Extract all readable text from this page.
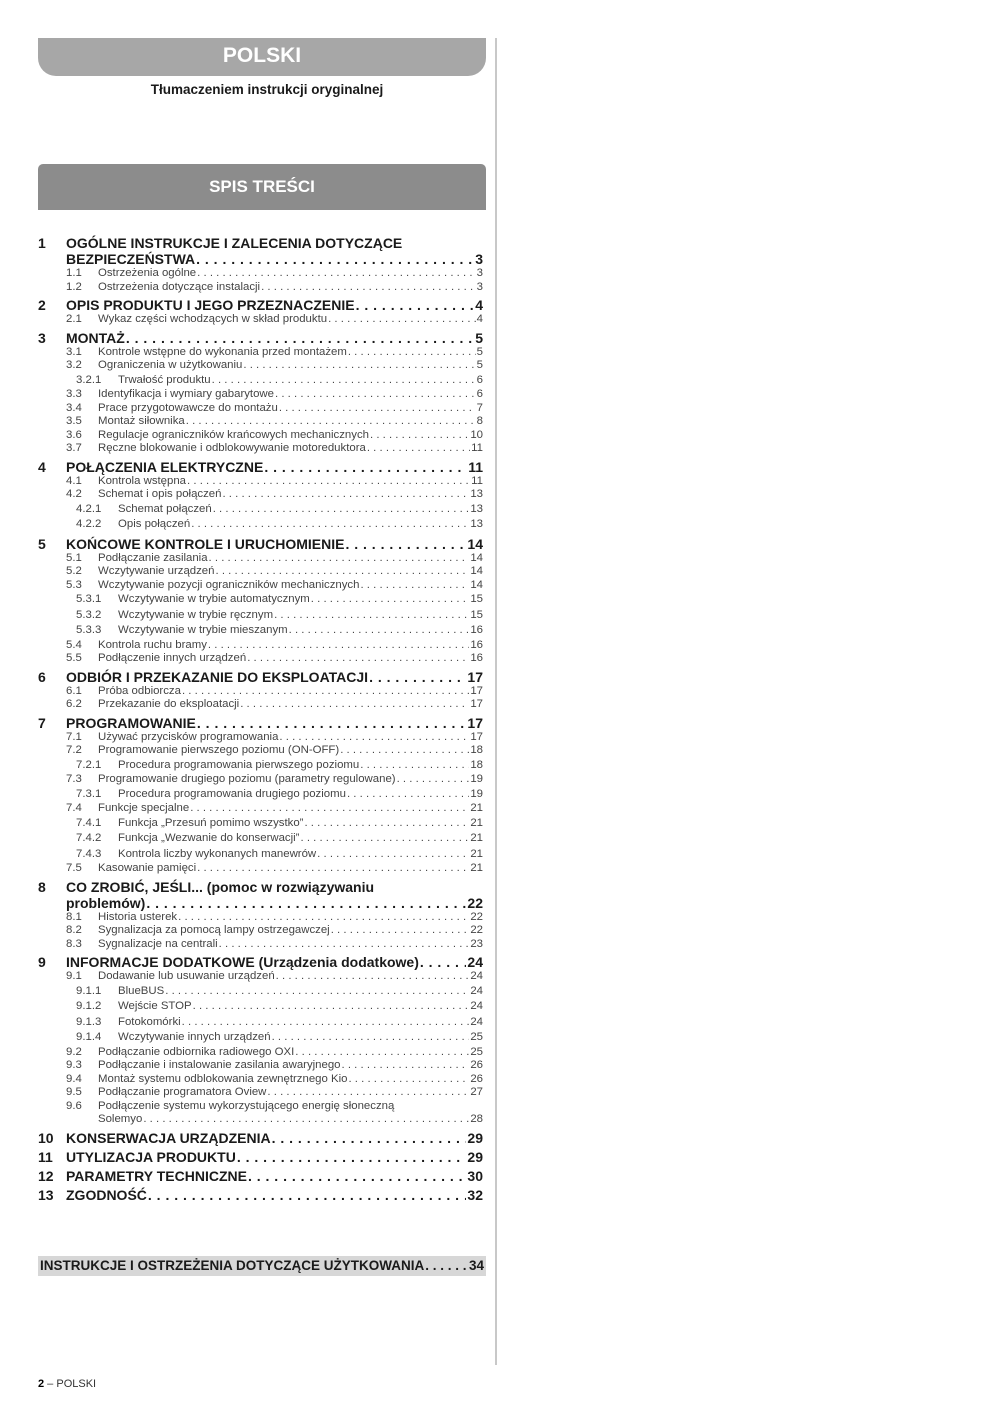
POLSKI
Tłumaczeniem instrukcji oryginalnej
SPIS TREŚCI
1 OGÓLNE INSTRUKCJE I ZALECENIA DOTYCZĄCE
BEZPIECZEŃSTWA . . .	3
1.1 Ostrzeżenia ogólne . . .	3
1.2 Ostrzeżenia dotyczące instalacji . . .	3
2 OPIS PRODUKTU I JEGO PRZEZNACZENIE . . .	4
2.1 Wykaz części wchodzących w skład produktu . . .	4
3 MONTAŻ . . .	5
3.1 Kontrole wstępne do wykonania przed montażem . . .	5
3.2 Ograniczenia w użytkowaniu . . .	5
3.2.1 Trwałość produktu . . .	6
3.3 Identyfikacja i wymiary gabarytowe . . .	6
3.4 Prace przygotowawcze do montażu . . .	7
3.5 Montaż siłownika . . .	8
3.6 Regulacje ograniczników krańcowych mechanicznych . . .	10
3.7 Ręczne blokowanie i odblokowywanie motoreduktora . . .	11
4 POŁĄCZENIA ELEKTRYCZNE . . .	11
4.1 Kontrola wstępna . . .	11
4.2 Schemat i opis połączeń . . .	13
4.2.1 Schemat połączeń . . .	13
4.2.2 Opis połączeń . . .	13
5 KOŃCOWE KONTROLE I URUCHOMIENIE . . .	14
5.1 Podłączanie zasilania . . .	14
5.2 Wczytywanie urządzeń . . .	14
5.3 Wczytywanie pozycji ograniczników mechanicznych . . .	14
5.3.1 Wczytywanie w trybie automatycznym . . .	15
5.3.2 Wczytywanie w trybie ręcznym . . .	15
5.3.3 Wczytywanie w trybie mieszanym . . .	16
5.4 Kontrola ruchu bramy . . .	16
5.5 Podłączenie innych urządzeń . . .	16
6 ODBIÓR I PRZEKAZANIE DO EKSPLOATACJI . . .	17
6.1 Próba odbiorcza . . .	17
6.2 Przekazanie do eksploatacji . . .	17
7 PROGRAMOWANIE . . .	17
7.1 Używać przycisków programowania . . .	17
7.2 Programowanie pierwszego poziomu (ON-OFF) . . .	18
7.2.1 Procedura programowania pierwszego poziomu . . .	18
7.3 Programowanie drugiego poziomu (parametry regulowane) . . .	19
7.3.1 Procedura programowania drugiego poziomu . . .	19
7.4 Funkcje specjalne . . .	21
7.4.1 Funkcja „Przesuń pomimo wszystko” . . .	21
7.4.2 Funkcja „Wezwanie do konserwacji” . . .	21
7.4.3 Kontrola liczby wykonanych manewrów . . .	21
7.5 Kasowanie pamięci . . .	21
8 CO ZROBIĆ, JEŚLI... (pomoc w rozwiązywaniu
problemów) . . .	22
8.1 Historia usterek . . .	22
8.2 Sygnalizacja za pomocą lampy ostrzegawczej . . .	22
8.3 Sygnalizacje na centrali . . .	23
9 INFORMACJE DODATKOWE (Urządzenia dodatkowe) . . .	24
9.1 Dodawanie lub usuwanie urządzeń . . .	24
9.1.1 BlueBUS . . .	24
9.1.2 Wejście STOP . . .	24
9.1.3 Fotokomórki . . .	24
9.1.4 Wczytywanie innych urządzeń . . .	25
9.2 Podłączanie odbiornika radiowego OXI . . .	25
9.3 Podłączanie i instalowanie zasilania awaryjnego . . .	26
9.4 Montaż systemu odblokowania zewnętrznego Kio . . .	26
9.5 Podłączanie programatora Oview . . .	27
9.6 Podłączenie systemu wykorzystującego energię słoneczną
Solemyo . . .	28
10 KONSERWACJA URZĄDZENIA . . .	29
11 UTYLIZACJA PRODUKTU . . .	29
12 PARAMETRY TECHNICZNE . . .	30
13 ZGODNOŚĆ . . .	32
INSTRUKCJE I OSTRZEŻENIA DOTYCZĄCE UŻYTKOWANIA . . .	34
2 – POLSKI
